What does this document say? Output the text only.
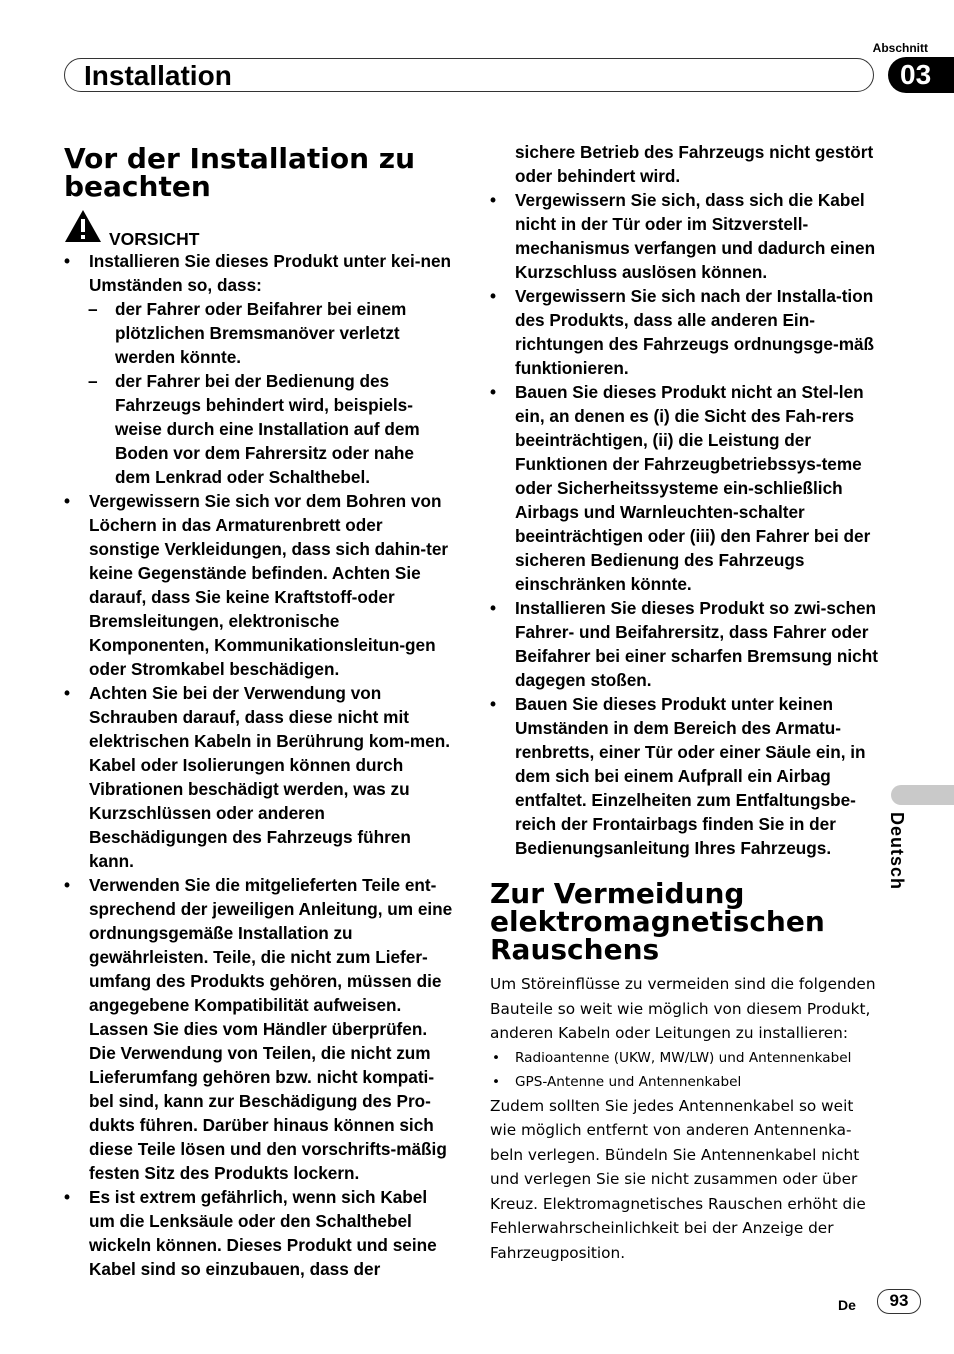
Abschnitt
Installation	03
Deutsch
Vor der Installation zu beachten
VORSICHT
• Installieren Sie dieses Produkt unter kei-nen Umständen so, dass:
– der Fahrer oder Beifahrer bei einem plötzlichen Bremsmanöver verletzt werden könnte.
– der Fahrer bei der Bedienung des Fahrzeugs behindert wird, beispiels-weise durch eine Installation auf dem Boden vor dem Fahrersitz oder nahe dem Lenkrad oder Schalthebel.
• Vergewissern Sie sich vor dem Bohren von Löchern in das Armaturenbrett oder sonstige Verkleidungen, dass sich dahin-ter keine Gegenstände befinden. Achten Sie darauf, dass Sie keine Kraftstoff-oder Bremsleitungen, elektronische Komponenten, Kommunikationsleitun-gen oder Stromkabel beschädigen.
• Achten Sie bei der Verwendung von Schrauben darauf, dass diese nicht mit elektrischen Kabeln in Berührung kom-men. Kabel oder Isolierungen können durch Vibrationen beschädigt werden, was zu Kurzschlüssen oder anderen Beschädigungen des Fahrzeugs führen kann.
• Verwenden Sie die mitgelieferten Teile ent-sprechend der jeweiligen Anleitung, um eine ordnungsgemäße Installation zu gewährleisten. Teile, die nicht zum Liefer-umfang des Produkts gehören, müssen die angegebene Kompatibilität aufweisen. Lassen Sie dies vom Händler überprüfen. Die Verwendung von Teilen, die nicht zum Lieferumfang gehören bzw. nicht kompati-bel sind, kann zur Beschädigung des Pro-dukts führen. Darüber hinaus können sich diese Teile lösen und den vorschrifts-mäßig festen Sitz des Produkts lockern.
• Es ist extrem gefährlich, wenn sich Kabel um die Lenksäule oder den Schalthebel wickeln können. Dieses Produkt und seine Kabel sind so einzubauen, dass der
sichere Betrieb des Fahrzeugs nicht gestört oder behindert wird.
• Vergewissern Sie sich, dass sich die Kabel nicht in der Tür oder im Sitzverstell-mechanismus verfangen und dadurch einen Kurzschluss auslösen können.
• Vergewissern Sie sich nach der Installa-tion des Produkts, dass alle anderen Ein-richtungen des Fahrzeugs ordnungsge-mäß funktionieren.
• Bauen Sie dieses Produkt nicht an Stel-len ein, an denen es (i) die Sicht des Fah-rers beeinträchtigen, (ii) die Leistung der Funktionen der Fahrzeugbetriebssys-teme oder Sicherheitssysteme ein-schließlich Airbags und Warnleuchten-schalter beeinträchtigen oder (iii) den Fahrer bei der sicheren Bedienung des Fahrzeugs einschränken könnte.
• Installieren Sie dieses Produkt so zwi-schen Fahrer- und Beifahrersitz, dass Fahrer oder Beifahrer bei einer scharfen Bremsung nicht dagegen stoßen.
• Bauen Sie dieses Produkt unter keinen Umständen in dem Bereich des Armatu-renbretts, einer Tür oder einer Säule ein, in dem sich bei einem Aufprall ein Airbag entfaltet. Einzelheiten zum Entfaltungsbe-reich der Frontairbags finden Sie in der Bedienungsanleitung Ihres Fahrzeugs.
Zur Vermeidung elektromagnetischen Rauschens
Um Störeinflüsse zu vermeiden sind die folgenden Bauteile so weit wie möglich von diesem Produkt, anderen Kabeln oder Leitungen zu installieren:
• Radioantenne (UKW, MW/LW) und Antennenkabel
• GPS-Antenne und Antennenkabel
Zudem sollten Sie jedes Antennenkabel so weit wie möglich entfernt von anderen Antennenka-beln verlegen. Bündeln Sie Antennenkabel nicht und verlegen Sie sie nicht zusammen oder über Kreuz. Elektromagnetisches Rauschen erhöht die Fehlerwahrscheinlichkeit bei der Anzeige der Fahrzeugposition.
De	93
